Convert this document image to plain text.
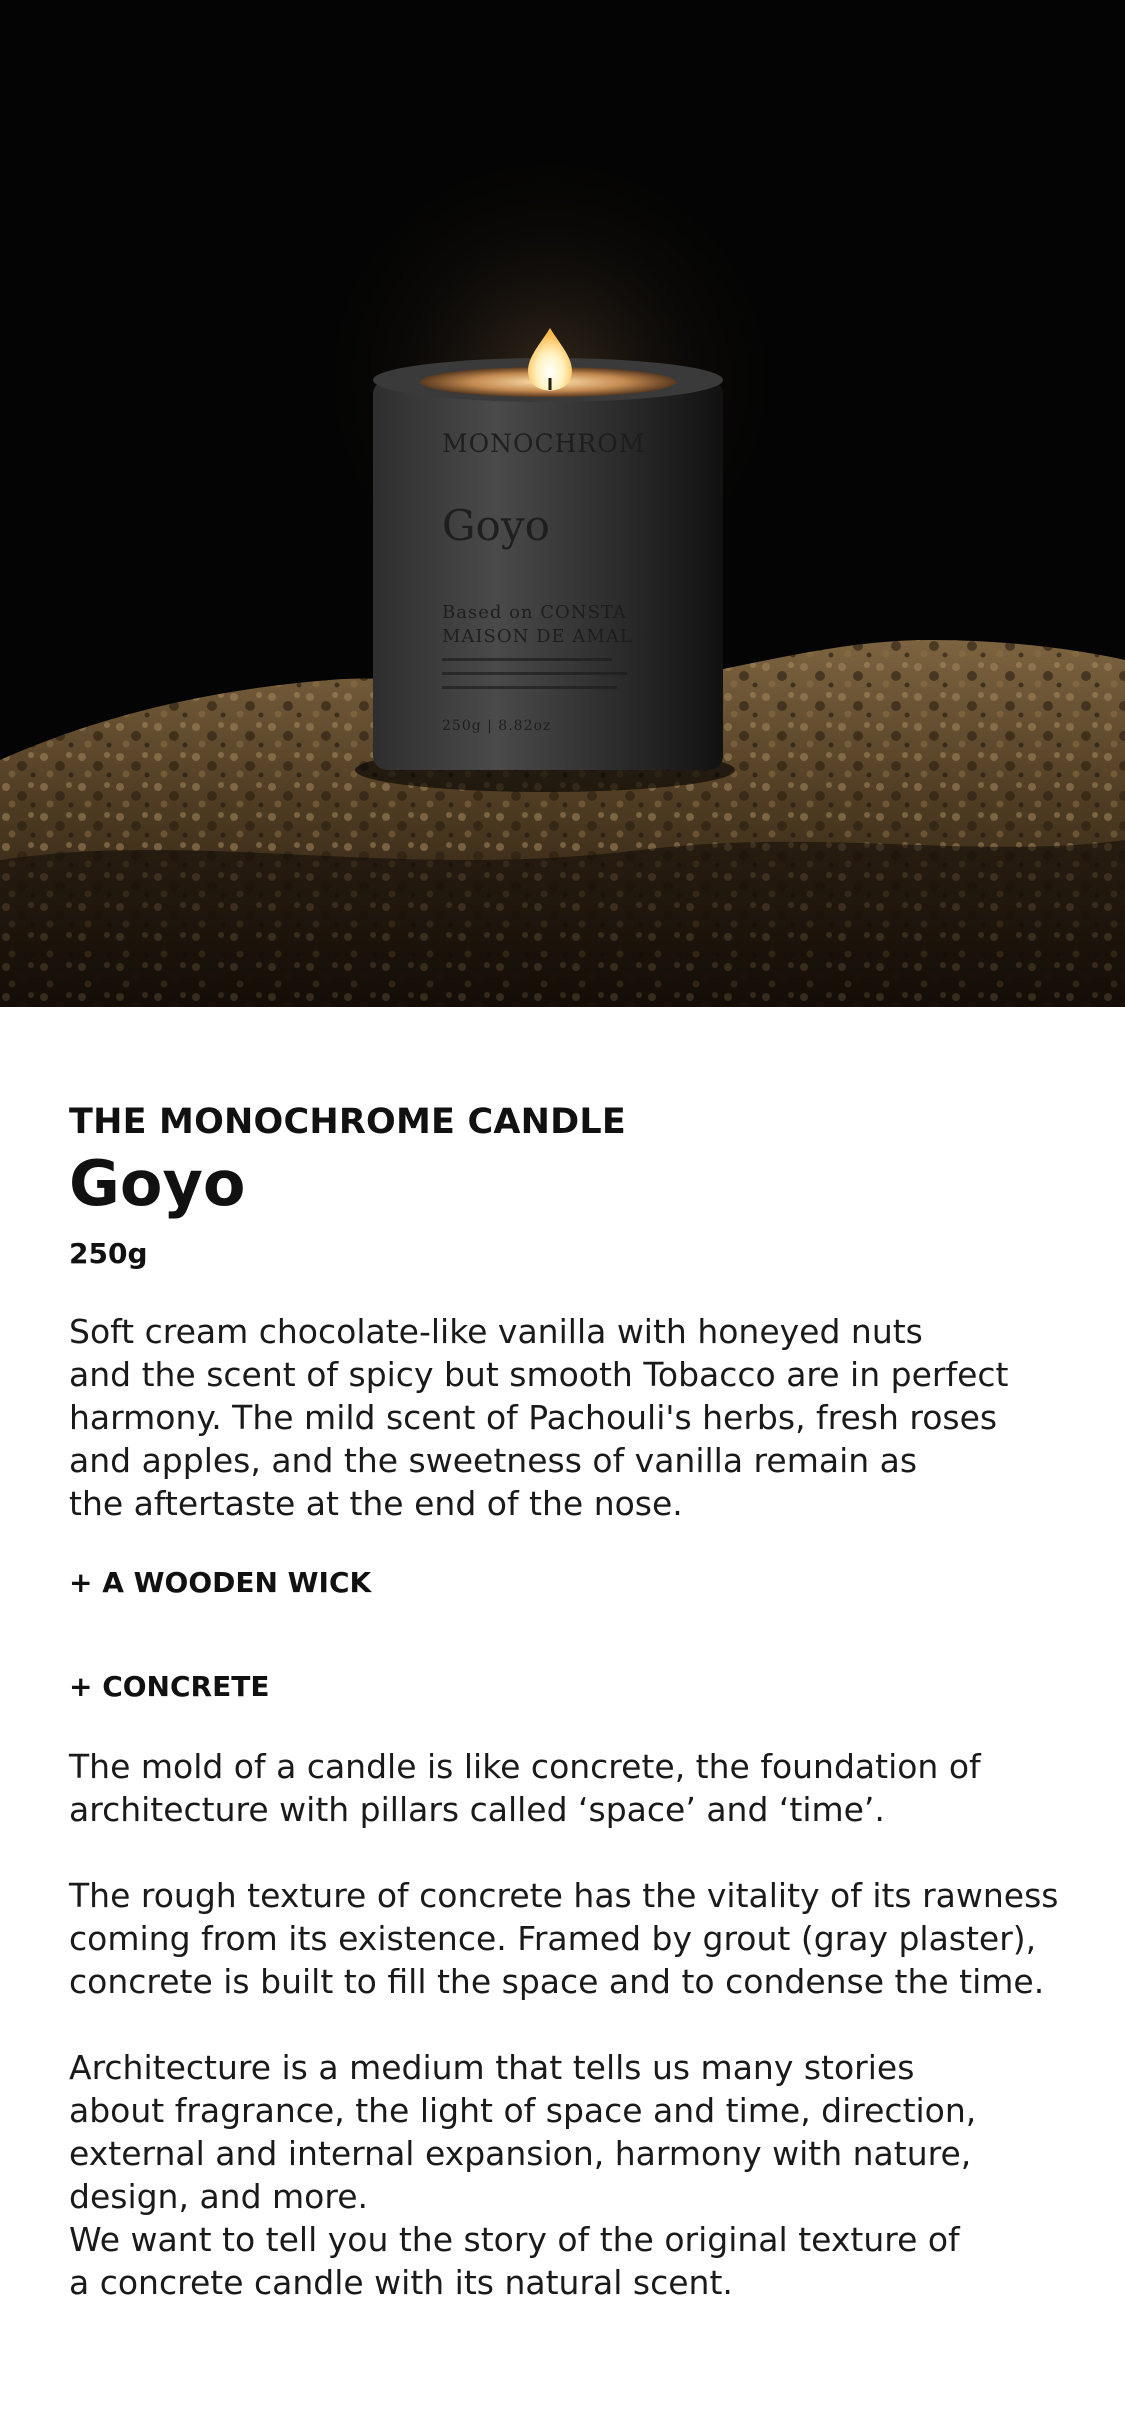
MONOCHROM
Goyo
Based on CONSTA
MAISON DE AMAL
250g | 8.82oz
THE MONOCHROME CANDLE
Goyo
250g
Soft cream chocolate-like vanilla with honeyed nuts
and the scent of spicy but smooth Tobacco are in perfect
harmony. The mild scent of Pachouli's herbs, fresh roses
and apples, and the sweetness of vanilla remain as
the aftertaste at the end of the nose.
+ A WOODEN WICK
+ CONCRETE
The mold of a candle is like concrete, the foundation of
architecture with pillars called ‘space’ and ‘time’.
The rough texture of concrete has the vitality of its rawness
coming from its existence. Framed by grout (gray plaster),
concrete is built to fill the space and to condense the time.
Architecture is a medium that tells us many stories
about fragrance, the light of space and time, direction,
external and internal expansion, harmony with nature,
design, and more.
We want to tell you the story of the original texture of
a concrete candle with its natural scent.
